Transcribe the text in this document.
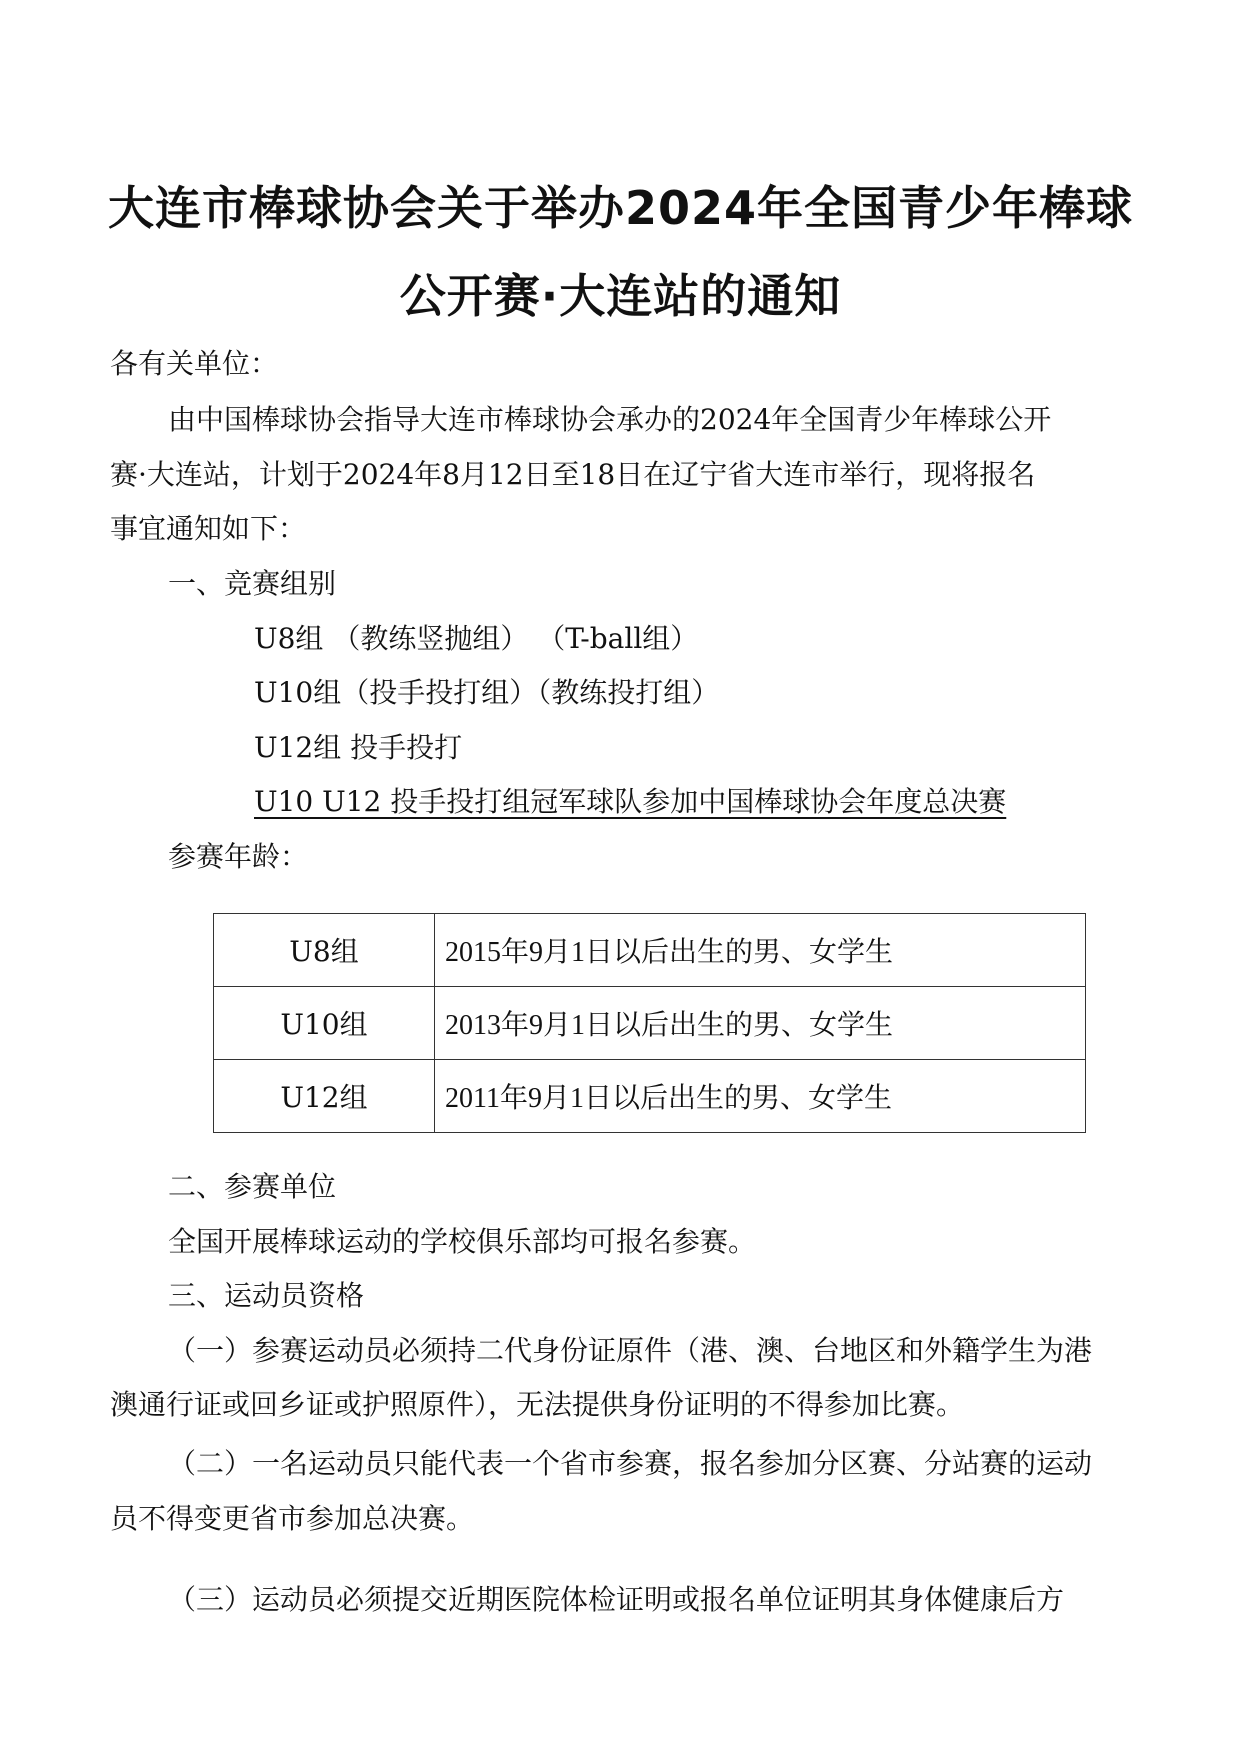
大连市棒球协会关于举办2024年全国青少年棒球
公开赛·大连站的通知
各有关单位：
由中国棒球协会指导大连市棒球协会承办的2024年全国青少年棒球公开
赛·大连站，计划于2024年8月12日至18日在辽宁省大连市举行，现将报名
事宜通知如下：
一、竞赛组别
U8组 （教练竖抛组） （T-ball组）
U10组（投手投打组）（教练投打组）
U12组 投手投打
U10 U12 投手投打组冠军球队参加中国棒球协会年度总决赛
参赛年龄：
U8组	2015年9月1日以后出生的男、女学生
U10组	2013年9月1日以后出生的男、女学生
U12组	2011年9月1日以后出生的男、女学生
二、参赛单位
全国开展棒球运动的学校俱乐部均可报名参赛。
三、运动员资格
（一）参赛运动员必须持二代身份证原件（港、澳、台地区和外籍学生为港
澳通行证或回乡证或护照原件），无法提供身份证明的不得参加比赛。
（二）一名运动员只能代表一个省市参赛，报名参加分区赛、分站赛的运动
员不得变更省市参加总决赛。
（三）运动员必须提交近期医院体检证明或报名单位证明其身体健康后方
